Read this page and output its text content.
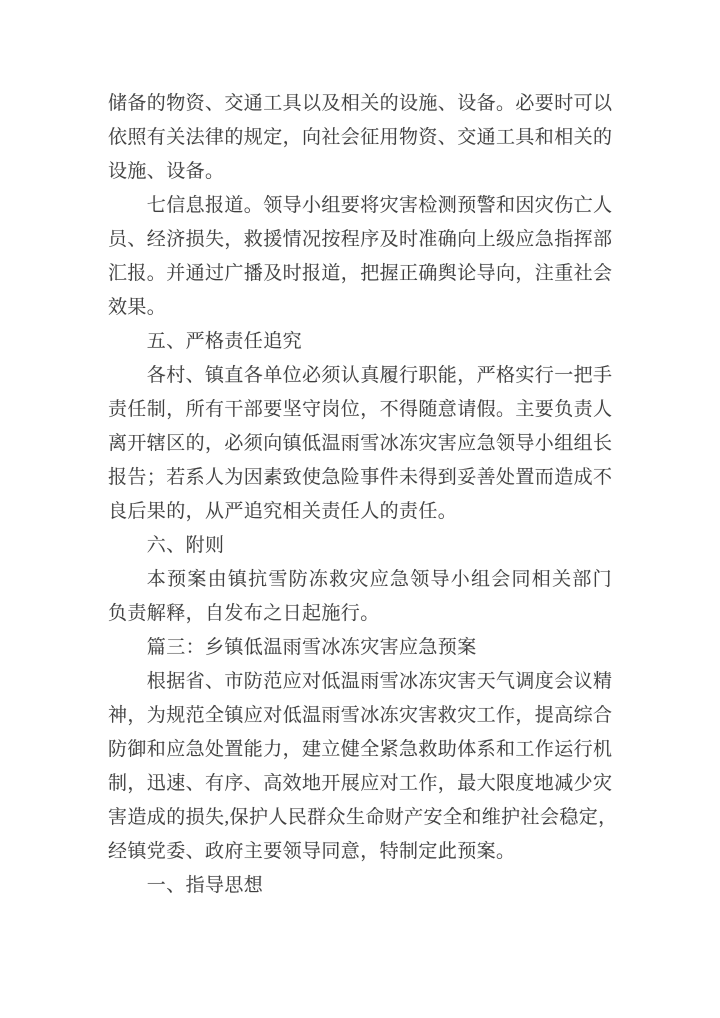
储备的物资、交通工具以及相关的设施、设备。必要时可以
依照有关法律的规定，向社会征用物资、交通工具和相关的
设施、设备。
七信息报道。领导小组要将灾害检测预警和因灾伤亡人
员、经济损失，救援情况按程序及时准确向上级应急指挥部
汇报。并通过广播及时报道，把握正确舆论导向，注重社会
效果。
五、严格责任追究
各村、镇直各单位必须认真履行职能，严格实行一把手
责任制，所有干部要坚守岗位，不得随意请假。主要负责人
离开辖区的，必须向镇低温雨雪冰冻灾害应急领导小组组长
报告；若系人为因素致使急险事件未得到妥善处置而造成不
良后果的，从严追究相关责任人的责任。
六、附则
本预案由镇抗雪防冻救灾应急领导小组会同相关部门
负责解释，自发布之日起施行。
篇三：乡镇低温雨雪冰冻灾害应急预案
根据省、市防范应对低温雨雪冰冻灾害天气调度会议精
神，为规范全镇应对低温雨雪冰冻灾害救灾工作，提高综合
防御和应急处置能力，建立健全紧急救助体系和工作运行机
制，迅速、有序、高效地开展应对工作，最大限度地减少灾
害造成的损失,保护人民群众生命财产安全和维护社会稳定，
经镇党委、政府主要领导同意，特制定此预案。
一、指导思想
